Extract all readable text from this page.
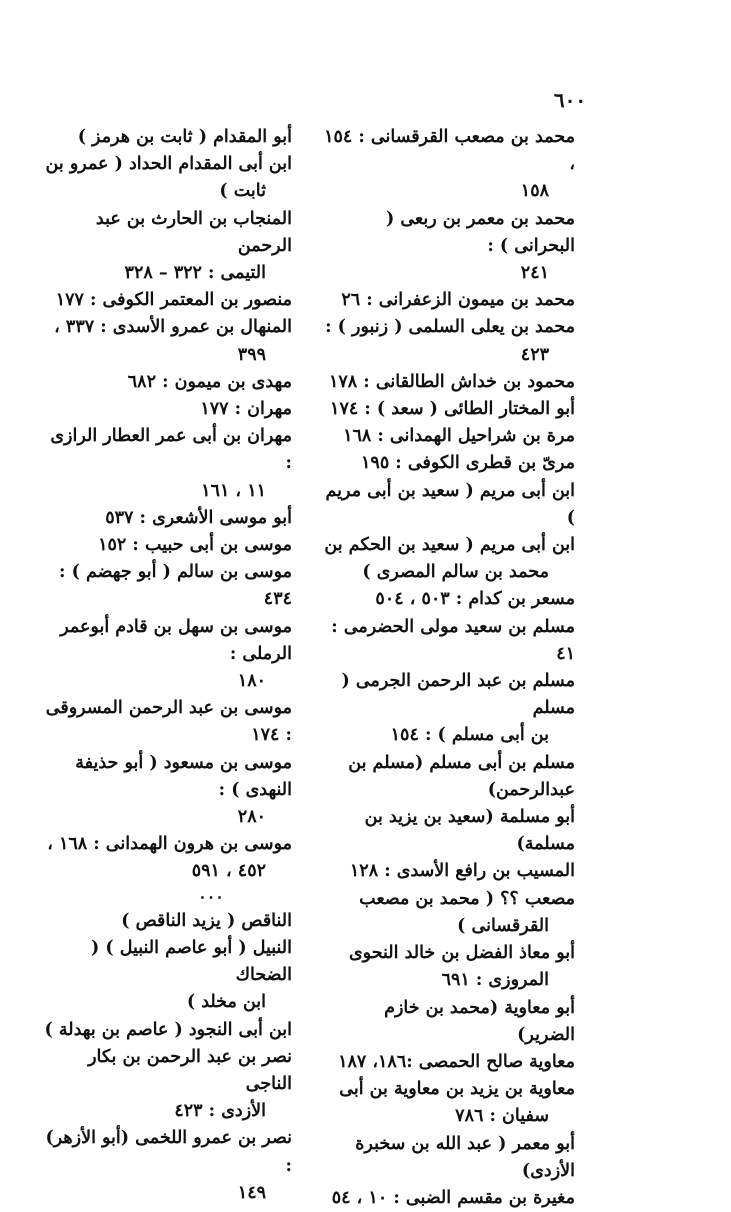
٦٠٠
محمد بن مصعب القرقسانى : ١٥٤ ،
١٥٨
محمد بن معمر بن ربعى ( البحرانى ) :
٢٤١
محمد بن ميمون الزعفرانى : ٢٦
محمد بن يعلى السلمى ( زنبور ) :
٤٢٣
محمود بن خداش الطالقانى : ١٧٨
أبو المختار الطائى ( سعد ) : ١٧٤
مرة بن شراحيل الهمدانى : ١٦٨
مرىّ بن قطرى الكوفى : ١٩٥
ابن أبى مريم ( سعيد بن أبى مريم )
ابن أبى مريم ( سعيد بن الحكم بن
محمد بن سالم المصرى )
مسعر بن كدام : ٥٠٣ ، ٥٠٤
مسلم بن سعيد مولى الحضرمى : ٤١
مسلم بن عبد الرحمن الجرمى ( مسلم
بن أبى مسلم ) : ١٥٤
مسلم بن أبى مسلم (مسلم بن عبدالرحمن)
أبو مسلمة (سعيد بن يزيد بن مسلمة)
المسيب بن رافع الأسدى : ١٢٨
مصعب ؟؟ ( محمد بن مصعب
القرقسانى )
أبو معاذ الفضل بن خالد النحوى
المروزى : ٦٩١
أبو معاوية (محمد بن خازم الضرير)
معاوية صالح الحمصى :١٨٦، ١٨٧
معاوية بن يزيد بن معاوية بن أبى
سفيان : ٧٨٦
أبو معمر ( عبد الله بن سخبرة الأزدى)
مغيرة بن مقسم الضبى : ١٠ ، ٥٤
أبو المقدام ( ثابت بن هرمز )
ابن أبى المقدام الحداد ( عمرو بن
ثابت )
المنجاب بن الحارث بن عبد الرحمن
التيمى : ٣٢٢ – ٣٢٨
منصور بن المعتمر الكوفى : ١٧٧
المنهال بن عمرو الأسدى : ٣٣٧ ،
٣٩٩
مهدى بن ميمون : ٦٨٢
مهران : ١٧٧
مهران بن أبى عمر العطار الرازى :
١١ ، ١٦١
أبو موسى الأشعرى : ٥٣٧
موسى بن أبى حبيب : ١٥٢
موسى بن سالم ( أبو جهضم ) : ٤٣٤
موسى بن سهل بن قادم أبوعمر الرملى :
١٨٠
موسى بن عبد الرحمن المسروقى : ١٧٤
موسى بن مسعود ( أبو حذيفة النهدى ) :
٢٨٠
موسى بن هرون الهمدانى : ١٦٨ ،
٤٥٢ ، ٥٩١
٠٠٠
الناقص ( يزيد الناقص )
النبيل ( أبو عاصم النبيل ) ( الضحاك
ابن مخلد )
ابن أبى النجود ( عاصم بن بهدلة )
نصر بن عبد الرحمن بن بكار الناجى
الأزدى : ٤٢٣
نصر بن عمرو اللخمى (أبو الأزهر) :
١٤٩
